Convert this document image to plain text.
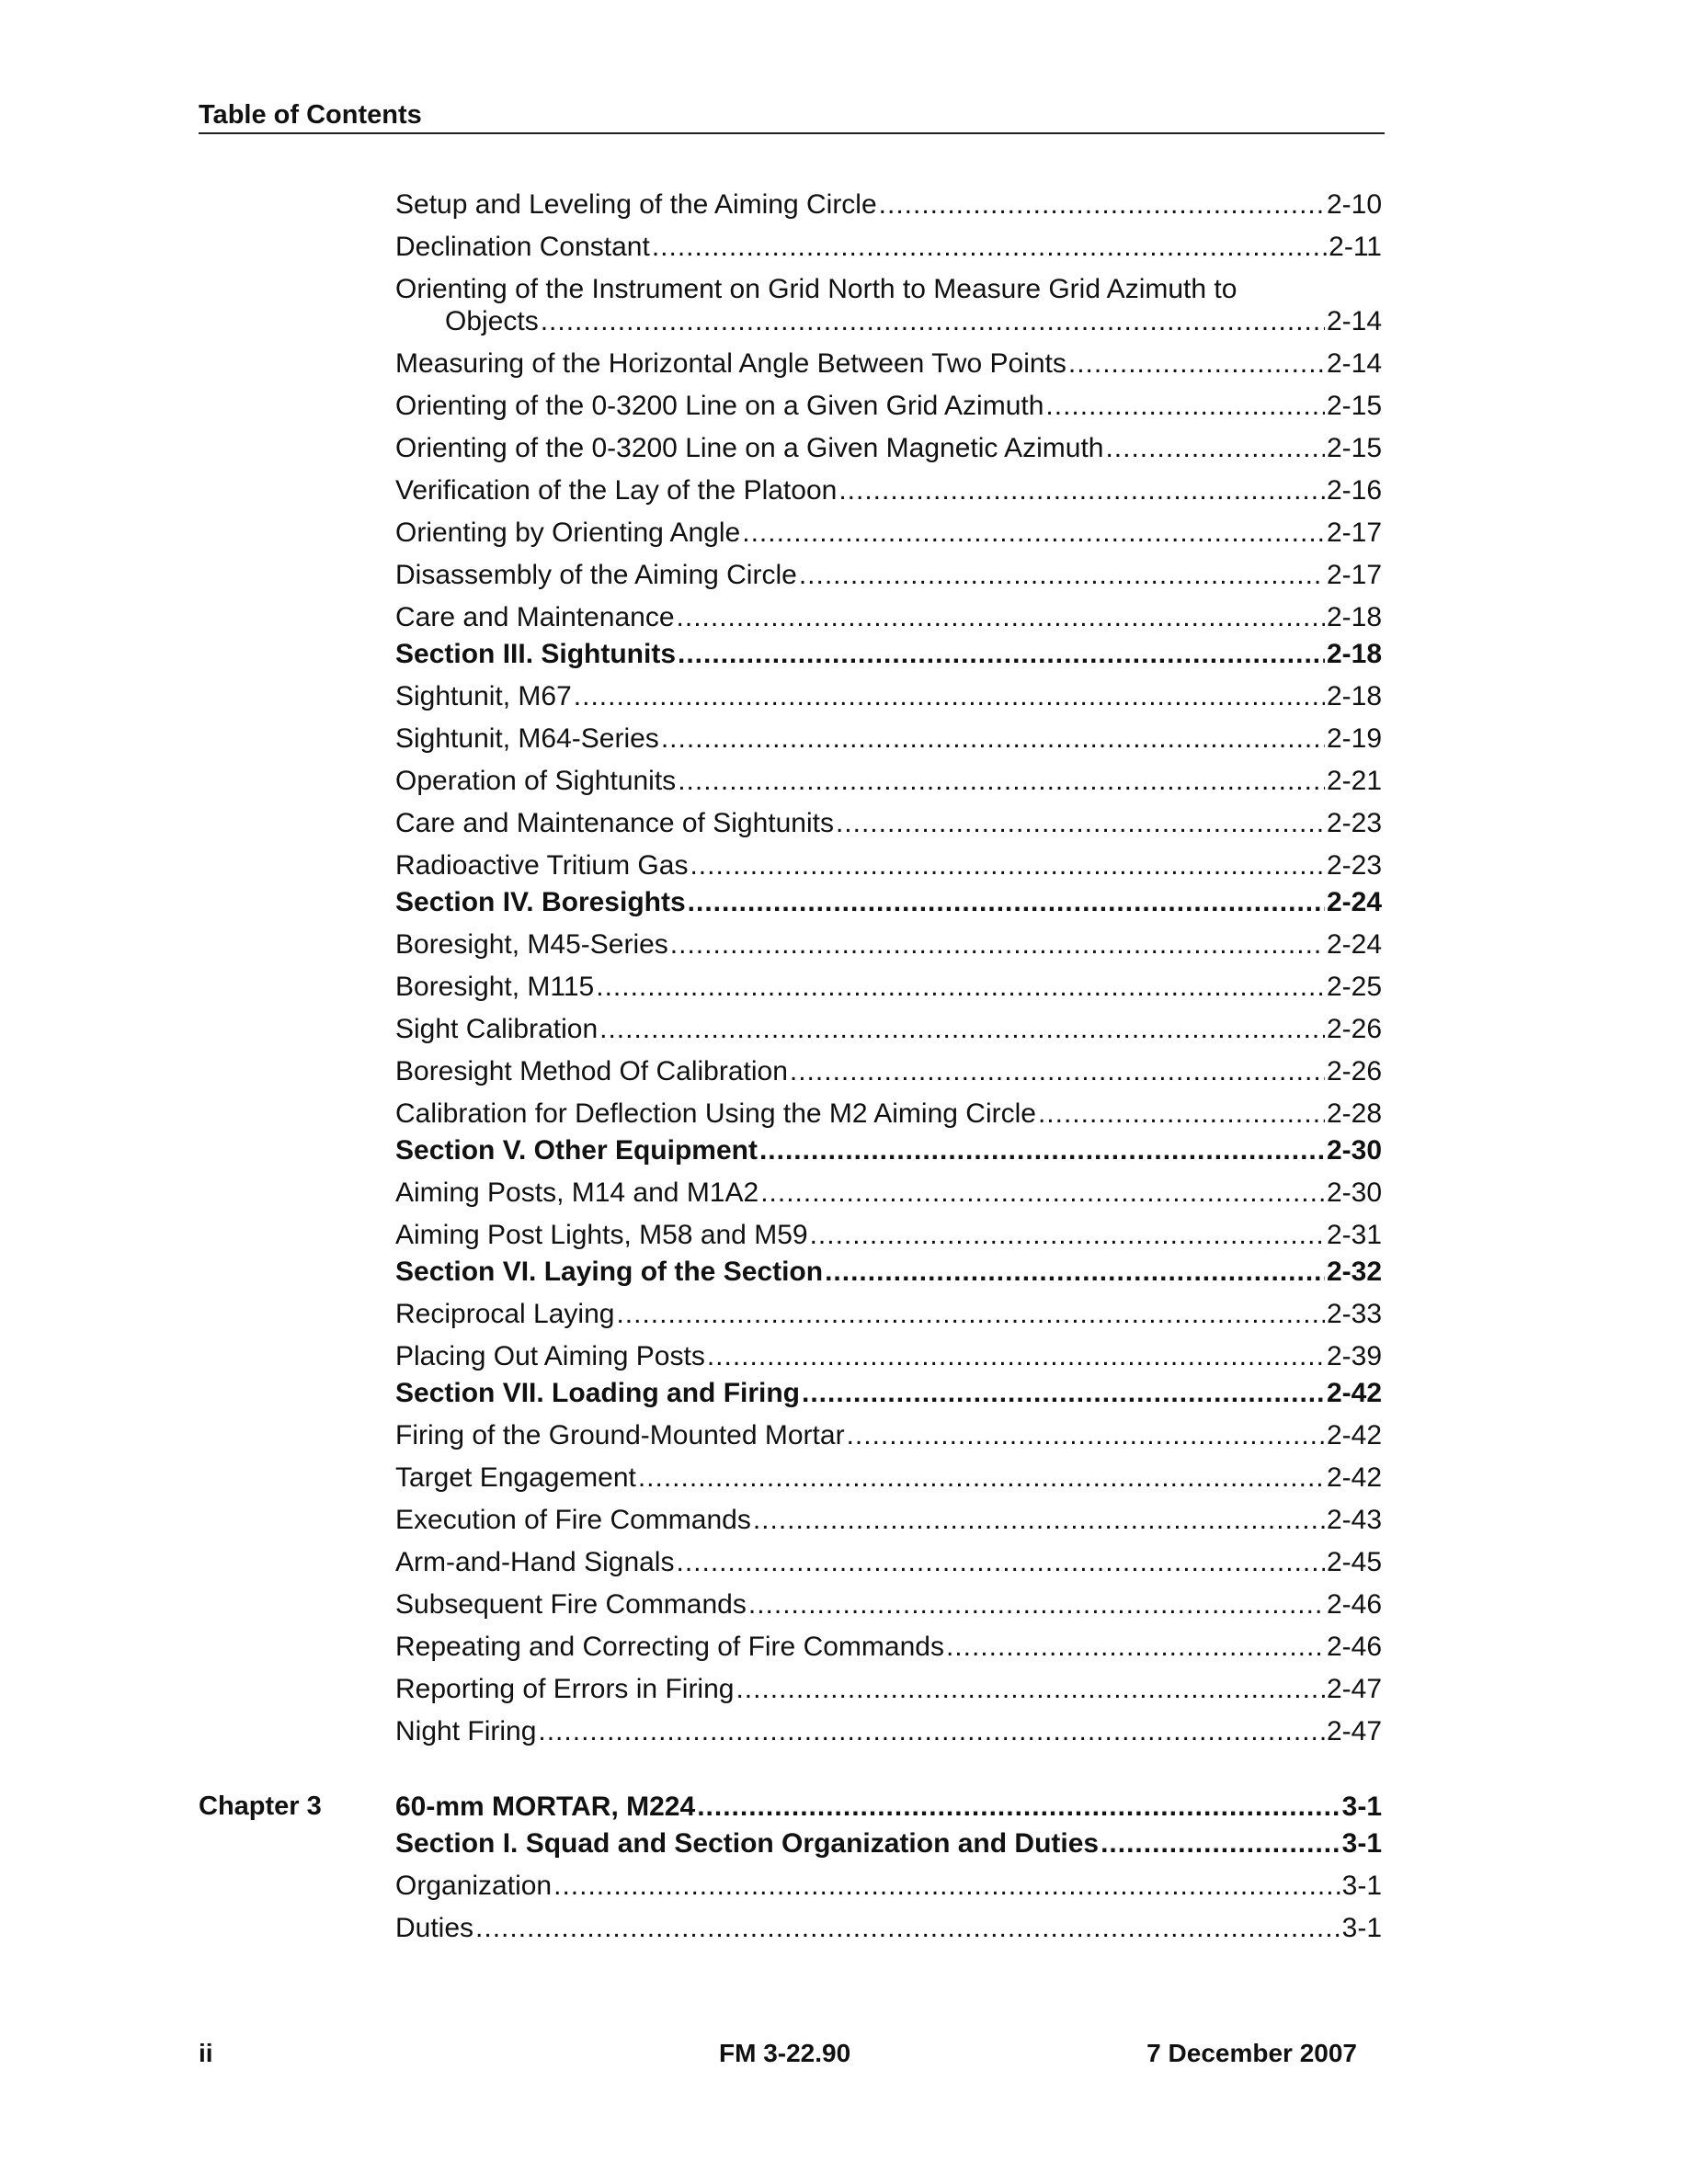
Table of Contents
Setup and Leveling of the Aiming Circle .....	2-10
Declination Constant .....	2-11
Orienting of the Instrument on Grid North to Measure Grid Azimuth to
Objects .....	2-14
Measuring of the Horizontal Angle Between Two Points .....	2-14
Orienting of the 0-3200 Line on a Given Grid Azimuth .....	2-15
Orienting of the 0-3200 Line on a Given Magnetic Azimuth .....	2-15
Verification of the Lay of the Platoon .....	2-16
Orienting by Orienting Angle .....	2-17
Disassembly of the Aiming Circle .....	2-17
Care and Maintenance .....	2-18
Section III. Sightunits .....	2-18
Sightunit, M67 .....	2-18
Sightunit, M64-Series .....	2-19
Operation of Sightunits .....	2-21
Care and Maintenance of Sightunits .....	2-23
Radioactive Tritium Gas .....	2-23
Section IV. Boresights .....	2-24
Boresight, M45-Series .....	2-24
Boresight, M115 .....	2-25
Sight Calibration .....	2-26
Boresight Method Of Calibration .....	2-26
Calibration for Deflection Using the M2 Aiming Circle .....	2-28
Section V. Other Equipment .....	2-30
Aiming Posts, M14 and M1A2 .....	2-30
Aiming Post Lights, M58 and M59 .....	2-31
Section VI. Laying of the Section .....	2-32
Reciprocal Laying .....	2-33
Placing Out Aiming Posts .....	2-39
Section VII. Loading and Firing .....	2-42
Firing of the Ground-Mounted Mortar .....	2-42
Target Engagement .....	2-42
Execution of Fire Commands .....	2-43
Arm-and-Hand Signals .....	2-45
Subsequent Fire Commands .....	2-46
Repeating and Correcting of Fire Commands .....	2-46
Reporting of Errors in Firing .....	2-47
Night Firing .....	2-47
Chapter 3	60-mm MORTAR, M224 .....	3-1
Section I. Squad and Section Organization and Duties .....	3-1
Organization .....	3-1
Duties .....	3-1
ii	FM 3-22.90	7 December 2007
